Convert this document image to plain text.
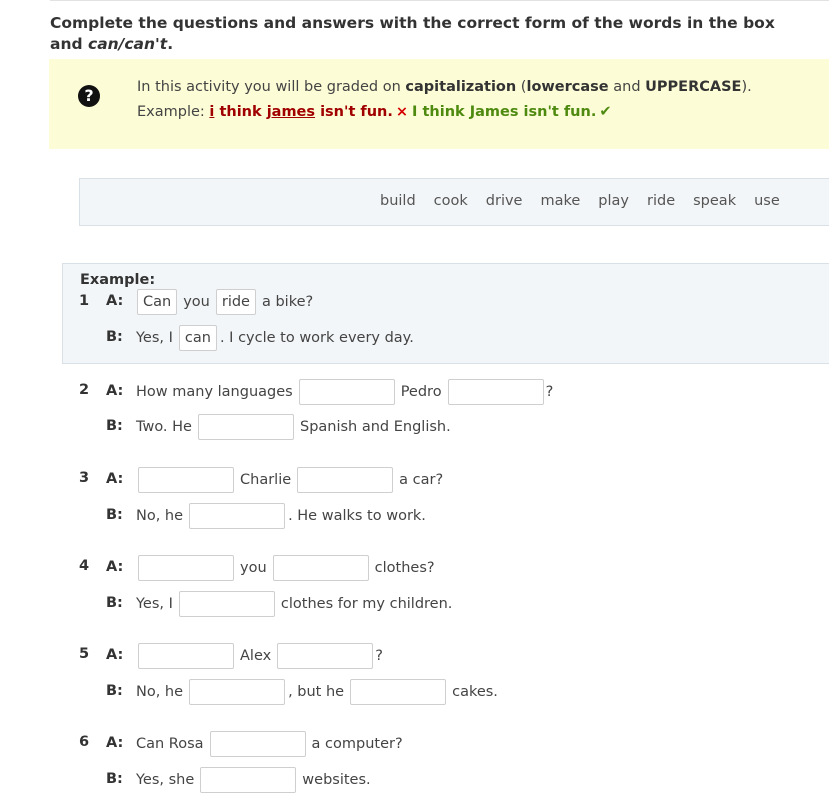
Complete the questions and answers with the correct form of the words in the box and can/can't.
?	In this activity you will be graded on capitalization (lowercase and UPPERCASE).
Example: i think james isn't fun. × I think James isn't fun. ✔
build cook drive make play ride speak use
Example:
1 A:	Can you ride a bike?
B: Yes, I can . I cycle to work every day.
2 A: How many languages	Pedro	?
B: Two. He	Spanish and English.
3 A:	Charlie	a car?
B: No, he	. He walks to work.
4 A:	you	clothes?
B: Yes, I	clothes for my children.
5 A:	Alex	?
B: No, he	, but he	cakes.
6 A: Can Rosa	a computer?
B: Yes, she	websites.
